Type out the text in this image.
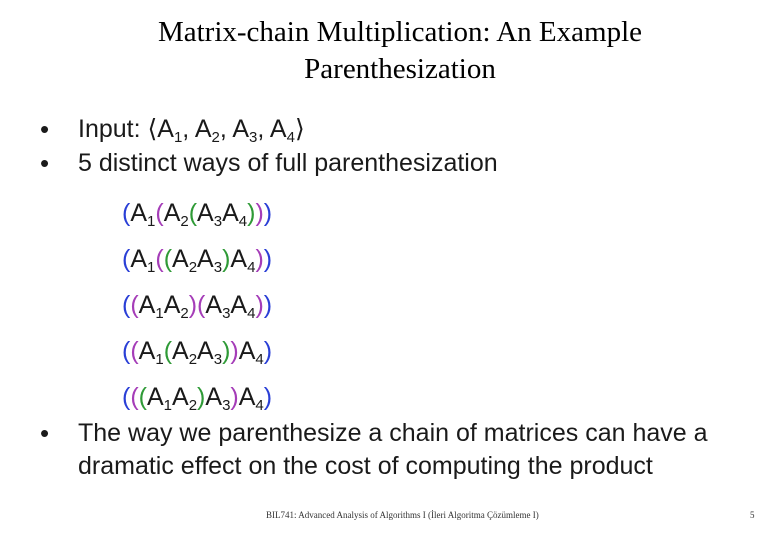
Matrix-chain Multiplication: An Example
Parenthesization
•	Input: $⟨A_1$, $A_2$, $A_3$, $A_4⟩$
•	5 distinct ways of full parenthesization
$(A_1(A_2(A_3A_4)))$
$(A_1((A_2A_3)A_4))$
$((A_1A_2)(A_3A_4))$
$((A_1(A_2A_3))A_4)$
$(((A_1A_2)A_3)A_4)$
•	The way we parenthesize a chain of matrices can have a
dramatic effect on the cost of computing the product
BIL741: Advanced Analysis of Algorithms I (İleri Algoritma Çözümleme I)	5
